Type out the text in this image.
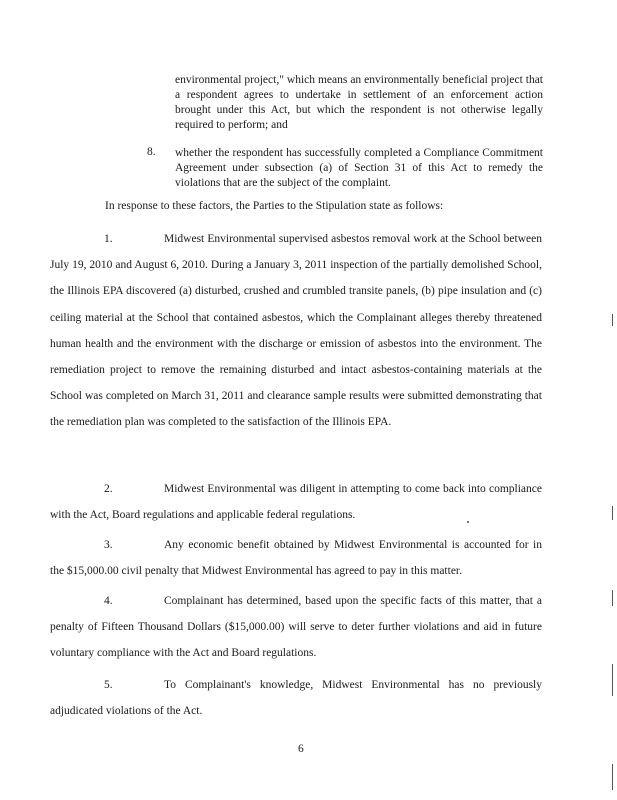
environmental project," which means an environmentally beneficial project that a respondent agrees to undertake in settlement of an enforcement action brought under this Act, but which the respondent is not otherwise legally required to perform; and
8. whether the respondent has successfully completed a Compliance Commitment Agreement under subsection (a) of Section 31 of this Act to remedy the violations that are the subject of the complaint.
In response to these factors, the Parties to the Stipulation state as follows:
1.	Midwest Environmental supervised asbestos removal work at the School between July 19, 2010 and August 6, 2010. During a January 3, 2011 inspection of the partially demolished School, the Illinois EPA discovered (a) disturbed, crushed and crumbled transite panels, (b) pipe insulation and (c) ceiling material at the School that contained asbestos, which the Complainant alleges thereby threatened human health and the environment with the discharge or emission of asbestos into the environment. The remediation project to remove the remaining disturbed and intact asbestos-containing materials at the School was completed on March 31, 2011 and clearance sample results were submitted demonstrating that the remediation plan was completed to the satisfaction of the Illinois EPA.
2.	Midwest Environmental was diligent in attempting to come back into compliance with the Act, Board regulations and applicable federal regulations.
3.	Any economic benefit obtained by Midwest Environmental is accounted for in the $15,000.00 civil penalty that Midwest Environmental has agreed to pay in this matter.
4.	Complainant has determined, based upon the specific facts of this matter, that a penalty of Fifteen Thousand Dollars ($15,000.00) will serve to deter further violations and aid in future voluntary compliance with the Act and Board regulations.
5.	To Complainant's knowledge, Midwest Environmental has no previously adjudicated violations of the Act.
6
